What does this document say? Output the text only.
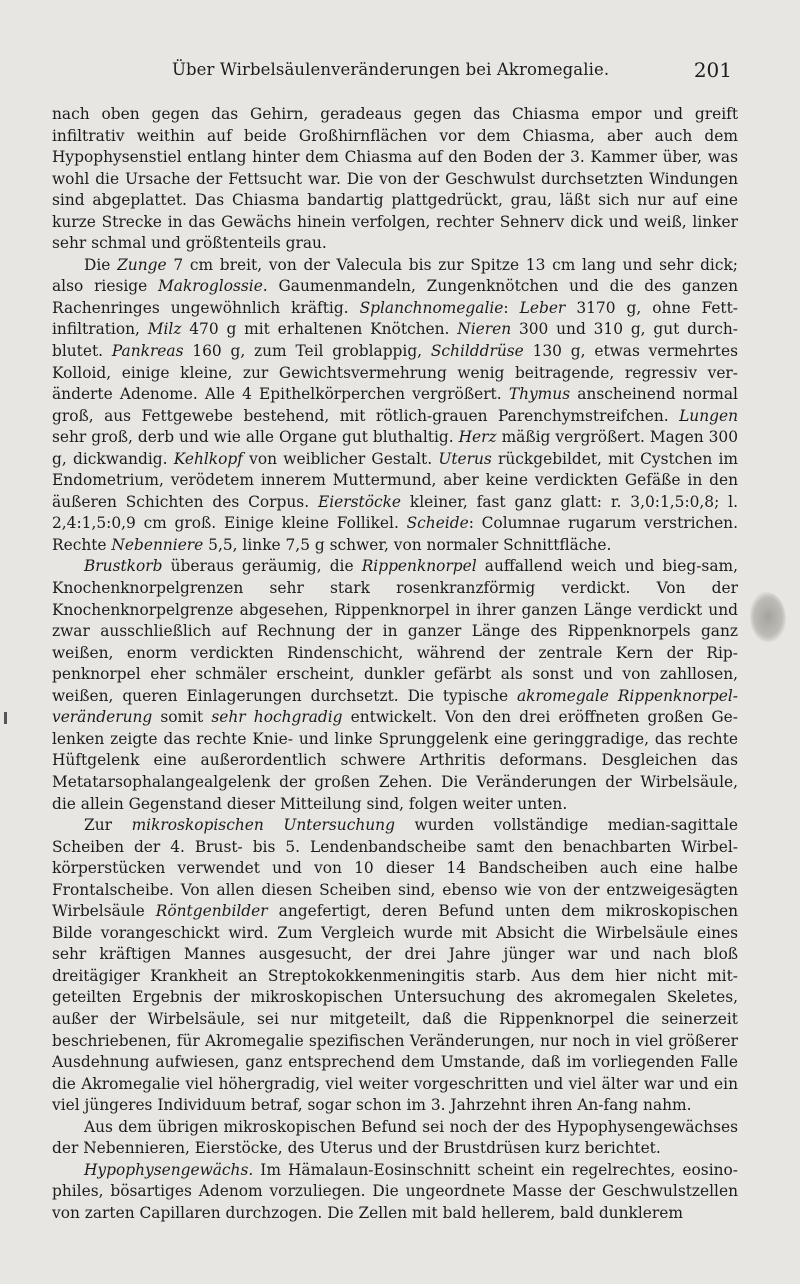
Über Wirbelsäulenveränderungen bei Akromegalie.	201

nach oben gegen das Gehirn, geradeaus gegen das Chiasma empor und greift infiltrativ weithin auf beide Großhirnflächen vor dem Chiasma, aber auch dem Hypophysenstiel entlang hinter dem Chiasma auf den Boden der 3. Kammer über, was wohl die Ursache der Fettsucht war. Die von der Geschwulst durchsetzten Windungen sind abgeplattet. Das Chiasma bandartig plattgedrückt, grau, läßt sich nur auf eine kurze Strecke in das Gewächs hinein verfolgen, rechter Sehnerv dick und weiß, linker sehr schmal und größtenteils grau.

Die Zunge 7 cm breit, von der Valecula bis zur Spitze 13 cm lang und sehr dick; also riesige Makroglossie. Gaumenmandeln, Zungenknötchen und die des ganzen Rachenringes ungewöhnlich kräftig. Splanchnomegalie: Leber 3170 g, ohne Fett-infiltration, Milz 470 g mit erhaltenen Knötchen. Nieren 300 und 310 g, gut durch-blutet. Pankreas 160 g, zum Teil groblappig, Schilddrüse 130 g, etwas vermehrtes Kolloid, einige kleine, zur Gewichtsvermehrung wenig beitragende, regressiv ver-änderte Adenome. Alle 4 Epithelkörperchen vergrößert. Thymus anscheinend normal groß, aus Fettgewebe bestehend, mit rötlich-grauen Parenchymstreifchen. Lungen sehr groß, derb und wie alle Organe gut bluthaltig. Herz mäßig vergrößert. Magen 300 g, dickwandig. Kehlkopf von weiblicher Gestalt. Uterus rückgebildet, mit Cystchen im Endometrium, verödetem innerem Muttermund, aber keine verdickten Gefäße in den äußeren Schichten des Corpus. Eierstöcke kleiner, fast ganz glatt: r. 3,0:1,5:0,8; l. 2,4:1,5:0,9 cm groß. Einige kleine Follikel. Scheide: Columnae rugarum verstrichen. Rechte Nebenniere 5,5, linke 7,5 g schwer, von normaler Schnittfläche.

Brustkorb überaus geräumig, die Rippenknorpel auffallend weich und bieg-sam, Knochenknorpelgrenzen sehr stark rosenkranzförmig verdickt. Von der Knochenknorpelgrenze abgesehen, Rippenknorpel in ihrer ganzen Länge verdickt und zwar ausschließlich auf Rechnung der in ganzer Länge des Rippenknorpels ganz weißen, enorm verdickten Rindenschicht, während der zentrale Kern der Rip-penknorpel eher schmäler erscheint, dunkler gefärbt als sonst und von zahllosen, weißen, queren Einlagerungen durchsetzt. Die typische akromegale Rippenknorpel-veränderung somit sehr hochgradig entwickelt. Von den drei eröffneten großen Ge-lenken zeigte das rechte Knie- und linke Sprunggelenk eine geringgradige, das rechte Hüftgelenk eine außerordentlich schwere Arthritis deformans. Desgleichen das Metatarsophalangealgelenk der großen Zehen. Die Veränderungen der Wirbelsäule, die allein Gegenstand dieser Mitteilung sind, folgen weiter unten.

Zur mikroskopischen Untersuchung wurden vollständige median-sagittale Scheiben der 4. Brust- bis 5. Lendenbandscheibe samt den benachbarten Wirbel-körperstücken verwendet und von 10 dieser 14 Bandscheiben auch eine halbe Frontalscheibe. Von allen diesen Scheiben sind, ebenso wie von der entzweigesägten Wirbelsäule Röntgenbilder angefertigt, deren Befund unten dem mikroskopischen Bilde vorangeschickt wird. Zum Vergleich wurde mit Absicht die Wirbelsäule eines sehr kräftigen Mannes ausgesucht, der drei Jahre jünger war und nach bloß dreitägiger Krankheit an Streptokokkenmeningitis starb. Aus dem hier nicht mit-geteilten Ergebnis der mikroskopischen Untersuchung des akromegalen Skeletes, außer der Wirbelsäule, sei nur mitgeteilt, daß die Rippenknorpel die seinerzeit beschriebenen, für Akromegalie spezifischen Veränderungen, nur noch in viel größerer Ausdehnung aufwiesen, ganz entsprechend dem Umstande, daß im vorliegenden Falle die Akromegalie viel höhergradig, viel weiter vorgeschritten und viel älter war und ein viel jüngeres Individuum betraf, sogar schon im 3. Jahrzehnt ihren An-fang nahm.

Aus dem übrigen mikroskopischen Befund sei noch der des Hypophysengewächses der Nebennieren, Eierstöcke, des Uterus und der Brustdrüsen kurz berichtet.

Hypophysengewächs. Im Hämalaun-Eosinschnitt scheint ein regelrechtes, eosino-philes, bösartiges Adenom vorzuliegen. Die ungeordnete Masse der Geschwulstzellen von zarten Capillaren durchzogen. Die Zellen mit bald hellerem, bald dunklerem
